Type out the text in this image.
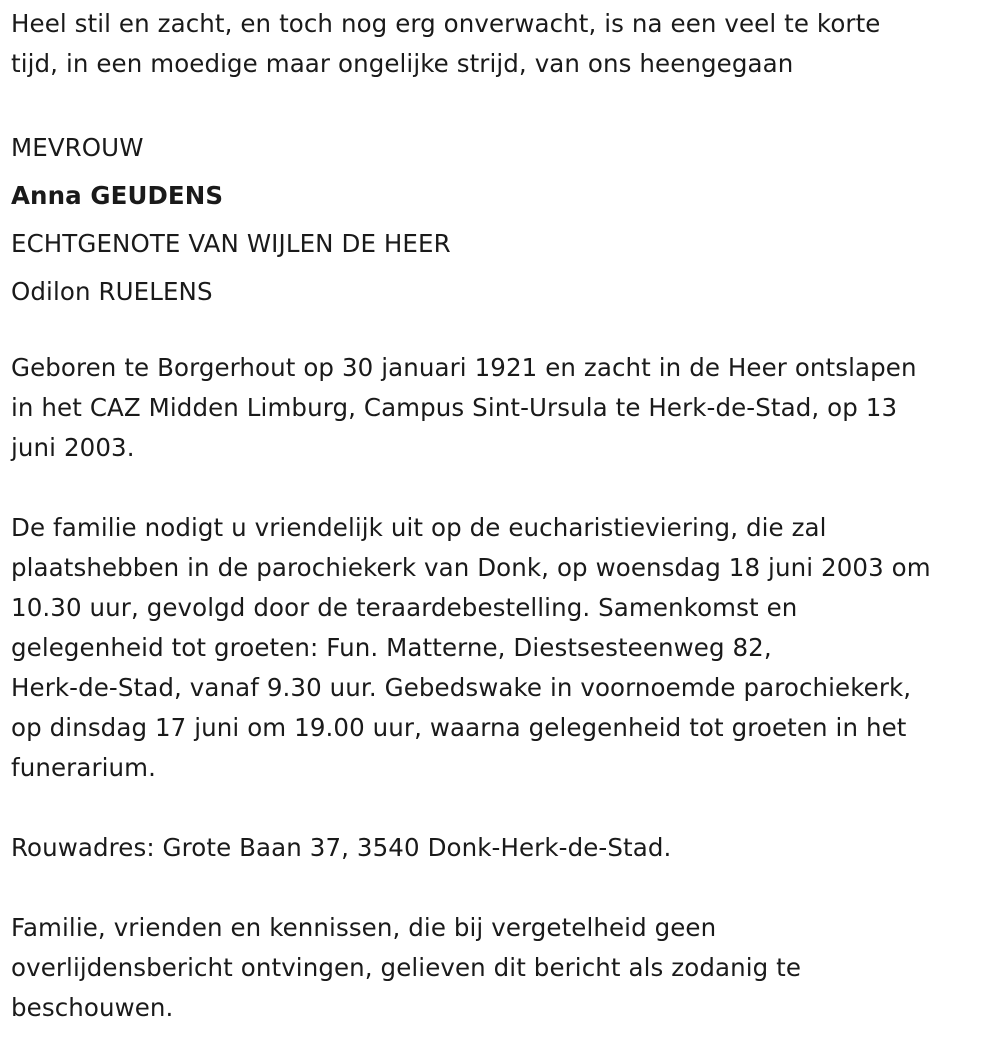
Heel stil en zacht, en toch nog erg onverwacht, is na een veel te korte
tijd, in een moedige maar ongelijke strijd, van ons heengegaan
MEVROUW
Anna GEUDENS
ECHTGENOTE VAN WIJLEN DE HEER
Odilon RUELENS
Geboren te Borgerhout op 30 januari 1921 en zacht in de Heer ontslapen
in het CAZ Midden Limburg, Campus Sint-Ursula te Herk-de-Stad, op 13
juni 2003.
De familie nodigt u vriendelijk uit op de eucharistieviering, die zal
plaatshebben in de parochiekerk van Donk, op woensdag 18 juni 2003 om
10.30 uur, gevolgd door de teraardebestelling. Samenkomst en
gelegenheid tot groeten: Fun. Matterne, Diestsesteenweg 82,
Herk-de-Stad, vanaf 9.30 uur. Gebedswake in voornoemde parochiekerk,
op dinsdag 17 juni om 19.00 uur, waarna gelegenheid tot groeten in het
funerarium.
Rouwadres: Grote Baan 37, 3540 Donk-Herk-de-Stad.
Familie, vrienden en kennissen, die bij vergetelheid geen
overlijdensbericht ontvingen, gelieven dit bericht als zodanig te
beschouwen.
